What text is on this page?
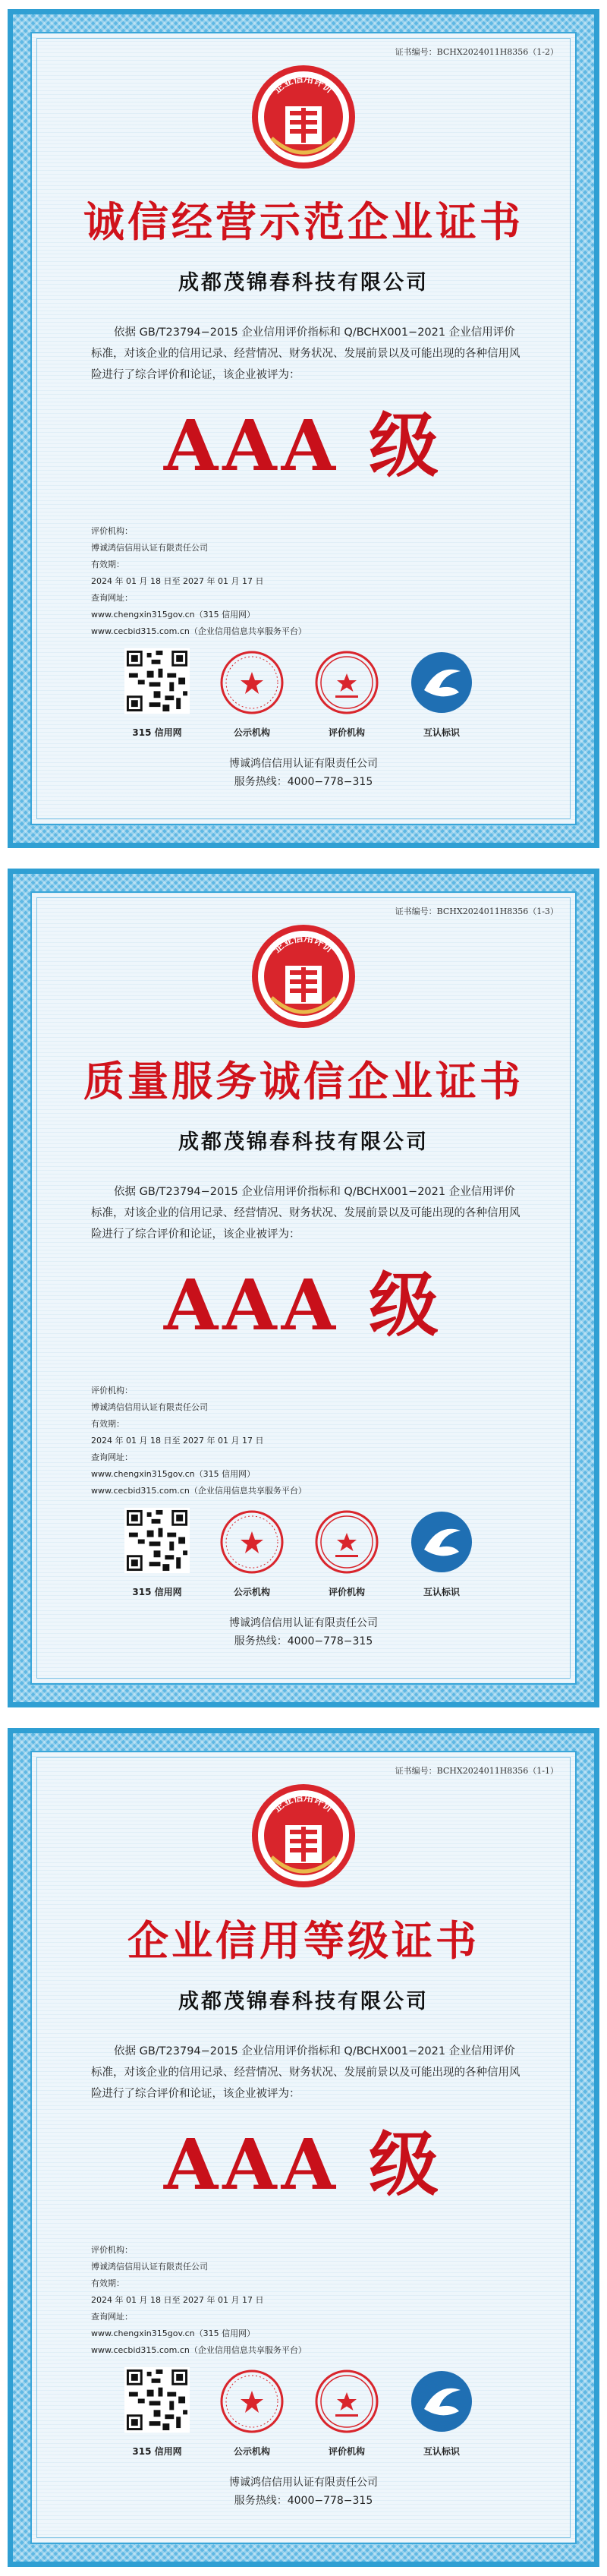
证书编号：BCHX2024011H8356（1-2）
企业信用评价
诚信经营示范企业证书
成都茂锦春科技有限公司
依据 GB/T23794−2015 企业信用评价指标和 Q/BCHX001−2021 企业信用评价标准，对该企业的信用记录、经营情况、财务状况、发展前景以及可能出现的各种信用风险进行了综合评价和论证，该企业被评为：
AAA 级
评价机构：
博诚鸿信信用认证有限责任公司
有效期：
2024 年 01 月 18 日至 2027 年 01 月 17 日
查询网址：
www.chengxin315gov.cn（315 信用网）
www.cecbid315.com.cn（企业信用信息共享服务平台）
315 信用网	公示机构	评价机构	互认标识
博诚鸿信信用认证有限责任公司
服务热线：4000−778−315
证书编号：BCHX2024011H8356（1-3）
企业信用评价
质量服务诚信企业证书
成都茂锦春科技有限公司
依据 GB/T23794−2015 企业信用评价指标和 Q/BCHX001−2021 企业信用评价标准，对该企业的信用记录、经营情况、财务状况、发展前景以及可能出现的各种信用风险进行了综合评价和论证，该企业被评为：
AAA 级
评价机构：
博诚鸿信信用认证有限责任公司
有效期：
2024 年 01 月 18 日至 2027 年 01 月 17 日
查询网址：
www.chengxin315gov.cn（315 信用网）
www.cecbid315.com.cn（企业信用信息共享服务平台）
315 信用网	公示机构	评价机构	互认标识
博诚鸿信信用认证有限责任公司
服务热线：4000−778−315
证书编号：BCHX2024011H8356（1-1）
企业信用评价
企业信用等级证书
成都茂锦春科技有限公司
依据 GB/T23794−2015 企业信用评价指标和 Q/BCHX001−2021 企业信用评价标准，对该企业的信用记录、经营情况、财务状况、发展前景以及可能出现的各种信用风险进行了综合评价和论证，该企业被评为：
AAA 级
评价机构：
博诚鸿信信用认证有限责任公司
有效期：
2024 年 01 月 18 日至 2027 年 01 月 17 日
查询网址：
www.chengxin315gov.cn（315 信用网）
www.cecbid315.com.cn（企业信用信息共享服务平台）
315 信用网	公示机构	评价机构	互认标识
博诚鸿信信用认证有限责任公司
服务热线：4000−778−315
